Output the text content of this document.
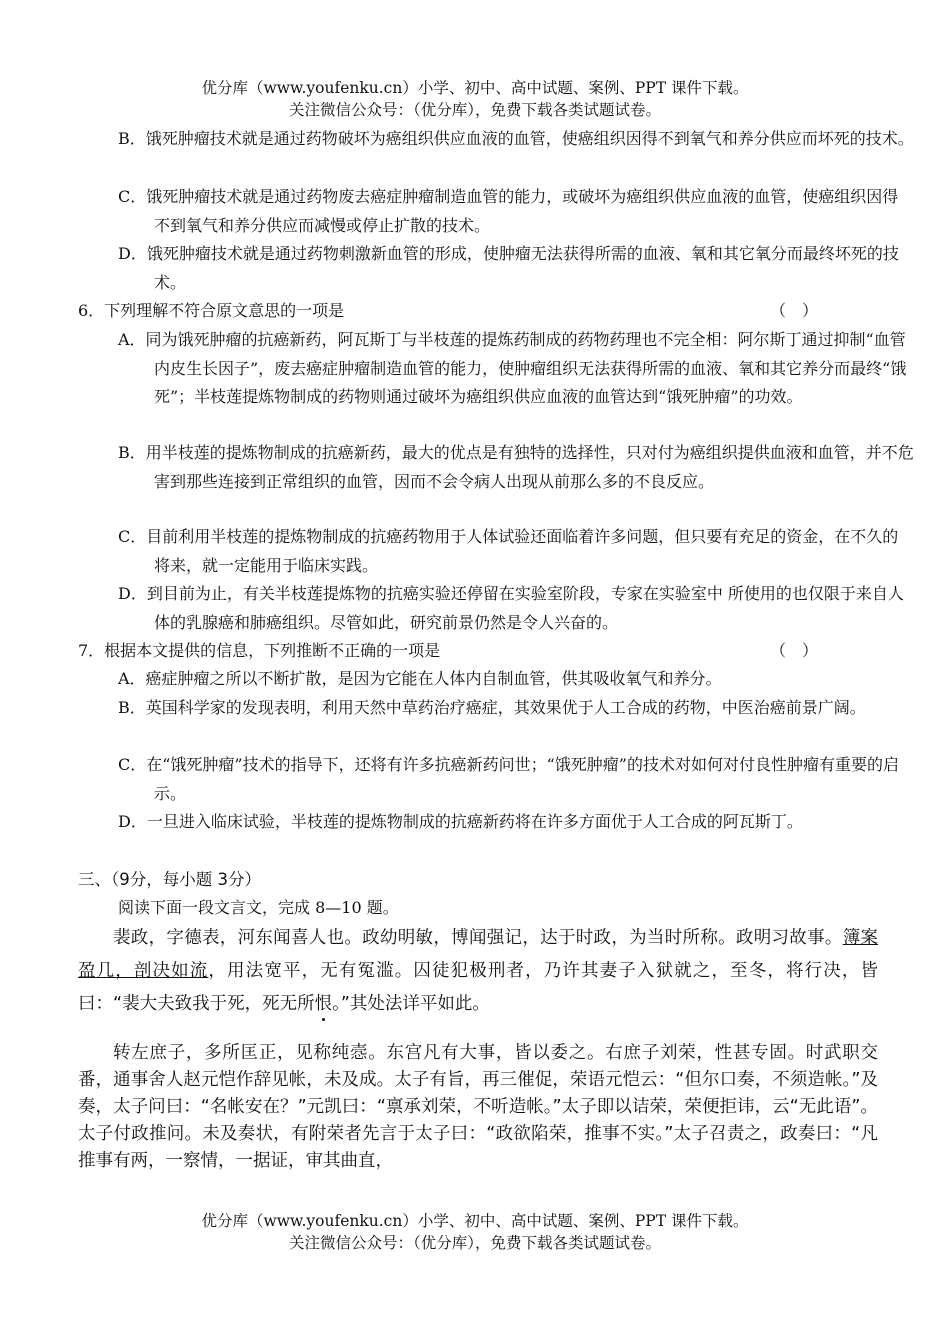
优分库（www.youfenku.cn）小学、初中、高中试题、案例、PPT 课件下载。
关注微信公众号：（优分库），免费下载各类试题试卷。
B．饿死肿瘤技术就是通过药物破坏为癌组织供应血液的血管，使癌组织因得不到氧气和养分供应而坏死的技术。
C．饿死肿瘤技术就是通过药物废去癌症肿瘤制造血管的能力，或破坏为癌组织供应血液的血管，使癌组织因得不到氧气和养分供应而减慢或停止扩散的技术。
D．饿死肿瘤技术就是通过药物刺激新血管的形成，使肿瘤无法获得所需的血液、氧和其它氧分而最终坏死的技术。
6．下列理解不符合原文意思的一项是	（　）
A．同为饿死肿瘤的抗癌新药，阿瓦斯丁与半枝莲的提炼药制成的药物药理也不完全相：阿尔斯丁通过抑制“血管内皮生长因子”，废去癌症肿瘤制造血管的能力，使肿瘤组织无法获得所需的血液、氧和其它养分而最终“饿死”；半枝莲提炼物制成的药物则通过破坏为癌组织供应血液的血管达到“饿死肿瘤”的功效。
B．用半枝莲的提炼物制成的抗癌新药，最大的优点是有独特的选择性，只对付为癌组织提供血液和血管，并不危害到那些连接到正常组织的血管，因而不会令病人出现从前那么多的不良反应。
C．目前利用半枝莲的提炼物制成的抗癌药物用于人体试验还面临着许多问题，但只要有充足的资金，在不久的将来，就一定能用于临床实践。
D．到目前为止，有关半枝莲提炼物的抗癌实验还停留在实验室阶段，专家在实验室中 所使用的也仅限于来自人体的乳腺癌和肺癌组织。尽管如此，研究前景仍然是令人兴奋的。
7．根据本文提供的信息，下列推断不正确的一项是	（　）
A．癌症肿瘤之所以不断扩散，是因为它能在人体内自制血管，供其吸收氧气和养分。
B．英国科学家的发现表明，利用天然中草药治疗癌症，其效果优于人工合成的药物，中医治癌前景广阔。
C．在“饿死肿瘤”技术的指导下，还将有许多抗癌新药问世；“饿死肿瘤”的技术对如何对付良性肿瘤有重要的启示。
D．一旦进入临床试验，半枝莲的提炼物制成的抗癌新药将在许多方面优于人工合成的阿瓦斯丁。
三、（9分，每小题 3分）
阅读下面一段文言文，完成 8—10 题。

裴政，字德表，河东闻喜人也。政幼明敏，博闻强记，达于时政，为当时所称。政明习故事。簿案盈几，剖决如流，用法宽平，无有冤滥。囚徒犯极刑者，乃许其妻子入狱就之，至冬，将行决，皆曰：“裴大夫致我于死，死无所恨。”其处法详平如此。

转左庶子，多所匡正，见称纯悫。东宫凡有大事，皆以委之。右庶子刘荣，性甚专固。时武职交番，通事舍人赵元恺作辞见帐，未及成。太子有旨，再三催促，荣语元恺云：“但尔口奏，不须造帐。”及奏，太子问曰：“名帐安在？”元凯曰：“禀承刘荣，不听造帐。”太子即以诘荣，荣便拒讳，云“无此语”。太子付政推问。未及奏状，有附荣者先言于太子曰：“政欲陷荣，推事不实。”太子召责之，政奏曰：“凡推事有两，一察情，一据证，审其曲直，

优分库（www.youfenku.cn）小学、初中、高中试题、案例、PPT 课件下载。
关注微信公众号：（优分库），免费下载各类试题试卷。
